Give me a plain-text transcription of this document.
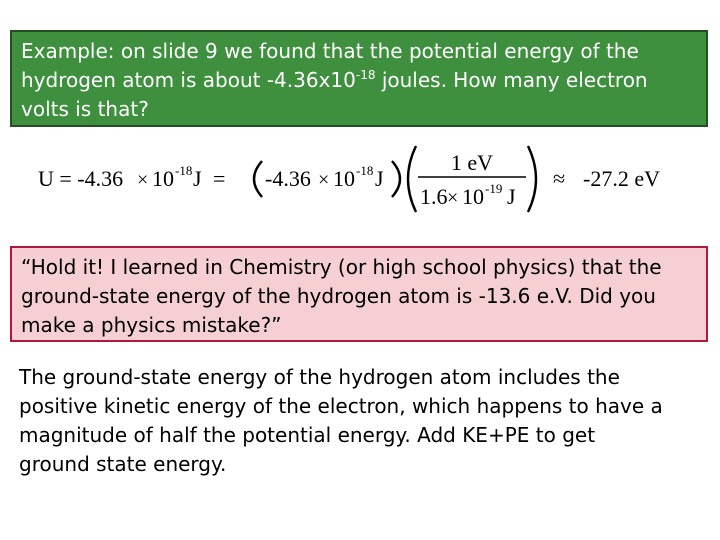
Example: on slide 9 we found that the potential energy of the
hydrogen atom is about $-4.36x10^{-18}$ joules. How many electron
volts is that?
U = -4.36 × 10 -18 J = -4.36 × 10 -18 J
1 eV
1.6 × 10 -19 J
≈ -27.2 eV
“Hold it! I learned in Chemistry (or high school physics) that the
ground-state energy of the hydrogen atom is -13.6 e.V. Did you
make a physics mistake?”
The ground-state energy of the hydrogen atom includes the
positive kinetic energy of the electron, which happens to have a
magnitude of half the potential energy. Add KE+PE to get
ground state energy.
